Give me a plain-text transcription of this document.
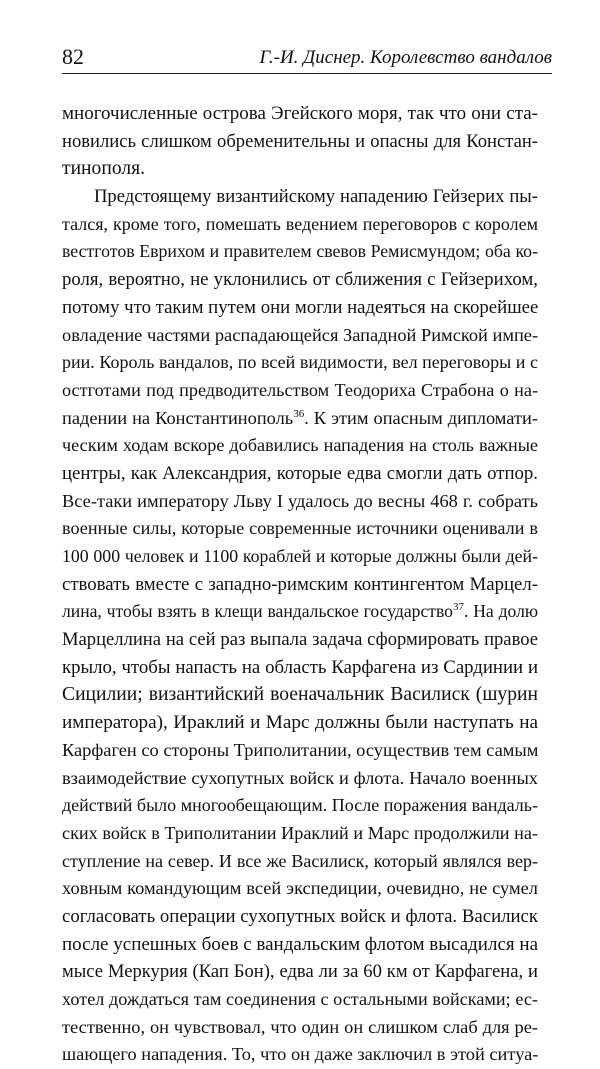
82	Г.-И. Диснер. Королевство вандалов
многочисленные острова Эгейского моря, так что они ста-
новились слишком обременительны и опасны для Констан-
тинополя.
Предстоящему византийскому нападению Гейзерих пы-
тался, кроме того, помешать ведением переговоров с королем
вестготов Еврихом и правителем свевов Ремисмундом; оба ко-
роля, вероятно, не уклонились от сближения с Гейзерихом,
потому что таким путем они могли надеяться на скорейшее
овладение частями распадающейся Западной Римской импе-
рии. Король вандалов, по всей видимости, вел переговоры и с
остготами под предводительством Теодориха Страбона о на-
падении на Константинополь$^{36}$. К этим опасным дипломати-
ческим ходам вскоре добавились нападения на столь важные
центры, как Александрия, которые едва смогли дать отпор.
Все-таки императору Льву I удалось до весны 468 г. собрать
военные силы, которые современные источники оценивали в
100 000 человек и 1100 кораблей и которые должны были дей-
ствовать вместе с западно-римским контингентом Марцел-
лина, чтобы взять в клещи вандальское государство$^{37}$. На долю
Марцеллина на сей раз выпала задача сформировать правое
крыло, чтобы напасть на область Карфагена из Сардинии и
Сицилии; византийский военачальник Василиск (шурин
императора), Ираклий и Марс должны были наступать на
Карфаген со стороны Триполитании, осуществив тем самым
взаимодействие сухопутных войск и флота. Начало военных
действий было многообещающим. После поражения вандаль-
ских войск в Триполитании Ираклий и Марс продолжили на-
ступление на север. И все же Василиск, который являлся вер-
ховным командующим всей экспедиции, очевидно, не сумел
согласовать операции сухопутных войск и флота. Василиск
после успешных боев с вандальским флотом высадился на
мысе Меркурия (Кап Бон), едва ли за 60 км от Карфагена, и
хотел дождаться там соединения с остальными войсками; ес-
тественно, он чувствовал, что один он слишком слаб для ре-
шающего нападения. То, что он даже заключил в этой ситуа-
